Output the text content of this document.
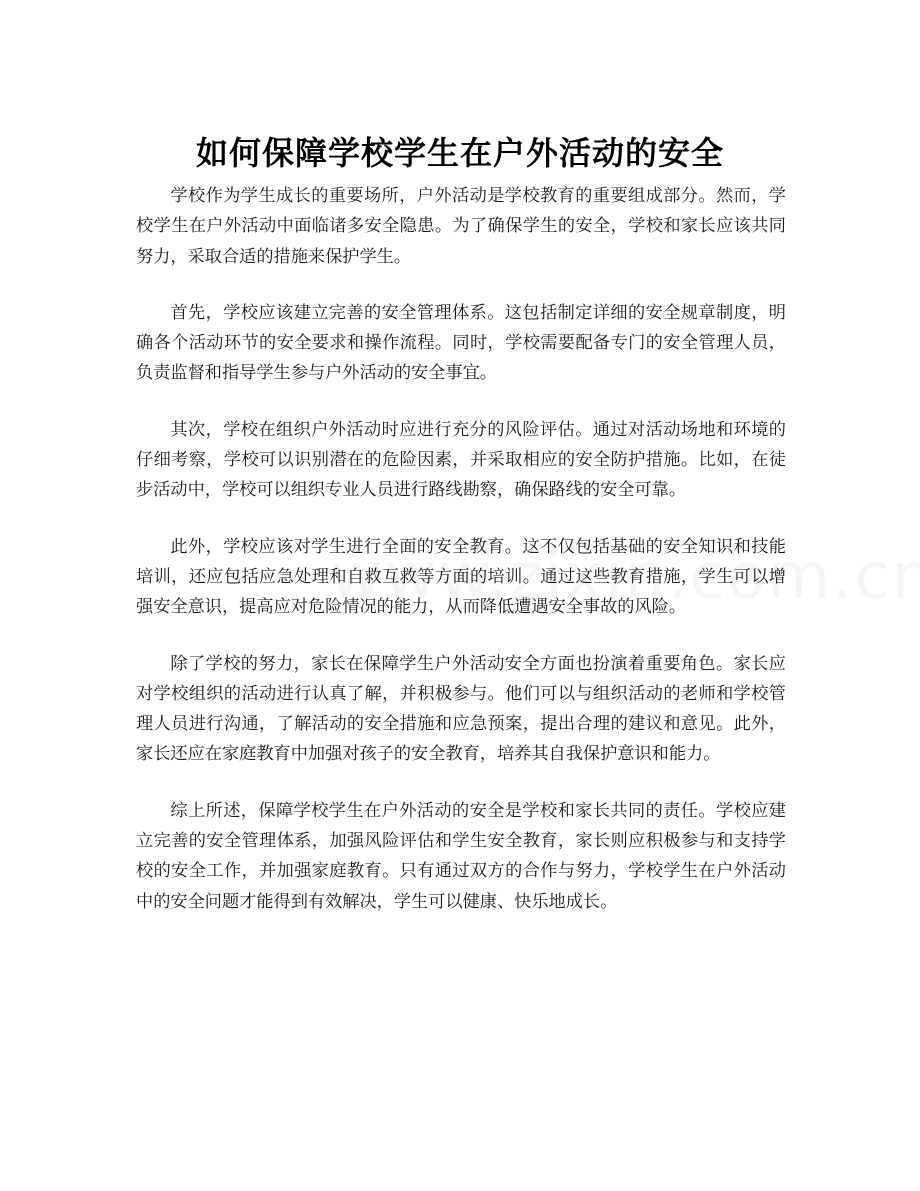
如何保障学校学生在户外活动的安全

学校作为学生成长的重要场所，户外活动是学校教育的重要组成部分。然而，学校学生在户外活动中面临诸多安全隐患。为了确保学生的安全，学校和家长应该共同努力，采取合适的措施来保护学生。

首先，学校应该建立完善的安全管理体系。这包括制定详细的安全规章制度，明确各个活动环节的安全要求和操作流程。同时，学校需要配备专门的安全管理人员，负责监督和指导学生参与户外活动的安全事宜。

其次，学校在组织户外活动时应进行充分的风险评估。通过对活动场地和环境的仔细考察，学校可以识别潜在的危险因素，并采取相应的安全防护措施。比如，在徒步活动中，学校可以组织专业人员进行路线勘察，确保路线的安全可靠。

此外，学校应该对学生进行全面的安全教育。这不仅包括基础的安全知识和技能培训，还应包括应急处理和自救互救等方面的培训。通过这些教育措施，学生可以增强安全意识，提高应对危险情况的能力，从而降低遭遇安全事故的风险。

除了学校的努力，家长在保障学生户外活动安全方面也扮演着重要角色。家长应对学校组织的活动进行认真了解，并积极参与。他们可以与组织活动的老师和学校管理人员进行沟通，了解活动的安全措施和应急预案，提出合理的建议和意见。此外，家长还应在家庭教育中加强对孩子的安全教育，培养其自我保护意识和能力。

综上所述，保障学校学生在户外活动的安全是学校和家长共同的责任。学校应建立完善的安全管理体系，加强风险评估和学生安全教育，家长则应积极参与和支持学校的安全工作，并加强家庭教育。只有通过双方的合作与努力，学校学生在户外活动中的安全问题才能得到有效解决，学生可以健康、快乐地成长。
